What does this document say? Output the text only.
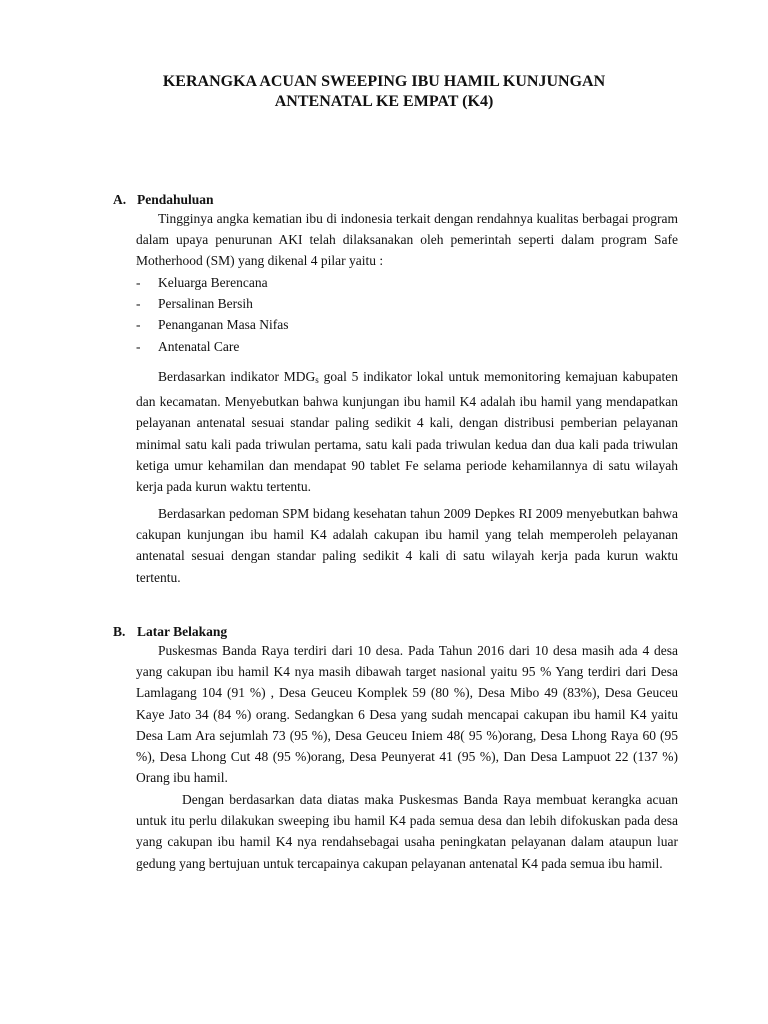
KERANGKA ACUAN SWEEPING IBU HAMIL KUNJUNGAN
ANTENATAL KE EMPAT (K4)
A. Pendahuluan

Tingginya angka kematian ibu di indonesia terkait dengan rendahnya kualitas berbagai program dalam upaya penurunan AKI telah dilaksanakan oleh pemerintah seperti dalam program Safe Motherhood (SM) yang dikenal 4 pilar yaitu :

-	Keluarga Berencana
-	Persalinan Bersih
-	Penanganan Masa Nifas
-	Antenatal Care

Berdasarkan indikator $MDG_s$ goal 5 indikator lokal untuk memonitoring kemajuan kabupaten dan kecamatan. Menyebutkan bahwa kunjungan ibu hamil K4 adalah ibu hamil yang mendapatkan pelayanan antenatal sesuai standar paling sedikit 4 kali, dengan distribusi pemberian pelayanan minimal satu kali pada triwulan pertama, satu kali pada triwulan kedua dan dua kali pada triwulan ketiga umur kehamilan dan mendapat 90 tablet Fe selama periode kehamilannya di satu wilayah kerja pada kurun waktu tertentu.

Berdasarkan pedoman SPM bidang kesehatan tahun 2009 Depkes RI 2009 menyebutkan bahwa cakupan kunjungan ibu hamil K4 adalah cakupan ibu hamil yang telah memperoleh pelayanan antenatal sesuai dengan standar paling sedikit 4 kali di satu wilayah kerja pada kurun waktu tertentu.

B. Latar Belakang

Puskesmas Banda Raya terdiri dari 10 desa. Pada Tahun 2016 dari 10 desa masih ada 4 desa yang cakupan ibu hamil K4 nya masih dibawah target nasional yaitu 95 % Yang terdiri dari Desa Lamlagang 104 (91 %) , Desa Geuceu Komplek 59 (80 %), Desa Mibo 49 (83%), Desa Geuceu Kaye Jato 34 (84 %) orang. Sedangkan 6 Desa yang sudah mencapai cakupan ibu hamil K4 yaitu Desa Lam Ara sejumlah 73 (95 %), Desa Geuceu Iniem 48( 95 %)orang, Desa Lhong Raya 60 (95 %), Desa Lhong Cut 48 (95 %)orang, Desa Peunyerat 41 (95 %), Dan Desa Lampuot 22 (137 %) Orang ibu hamil.

Dengan berdasarkan data diatas maka Puskesmas Banda Raya membuat kerangka acuan untuk itu perlu dilakukan sweeping ibu hamil K4 pada semua desa dan lebih difokuskan pada desa yang cakupan ibu hamil K4 nya rendahsebagai usaha peningkatan pelayanan dalam ataupun luar gedung yang bertujuan untuk tercapainya cakupan pelayanan antenatal K4 pada semua ibu hamil.
